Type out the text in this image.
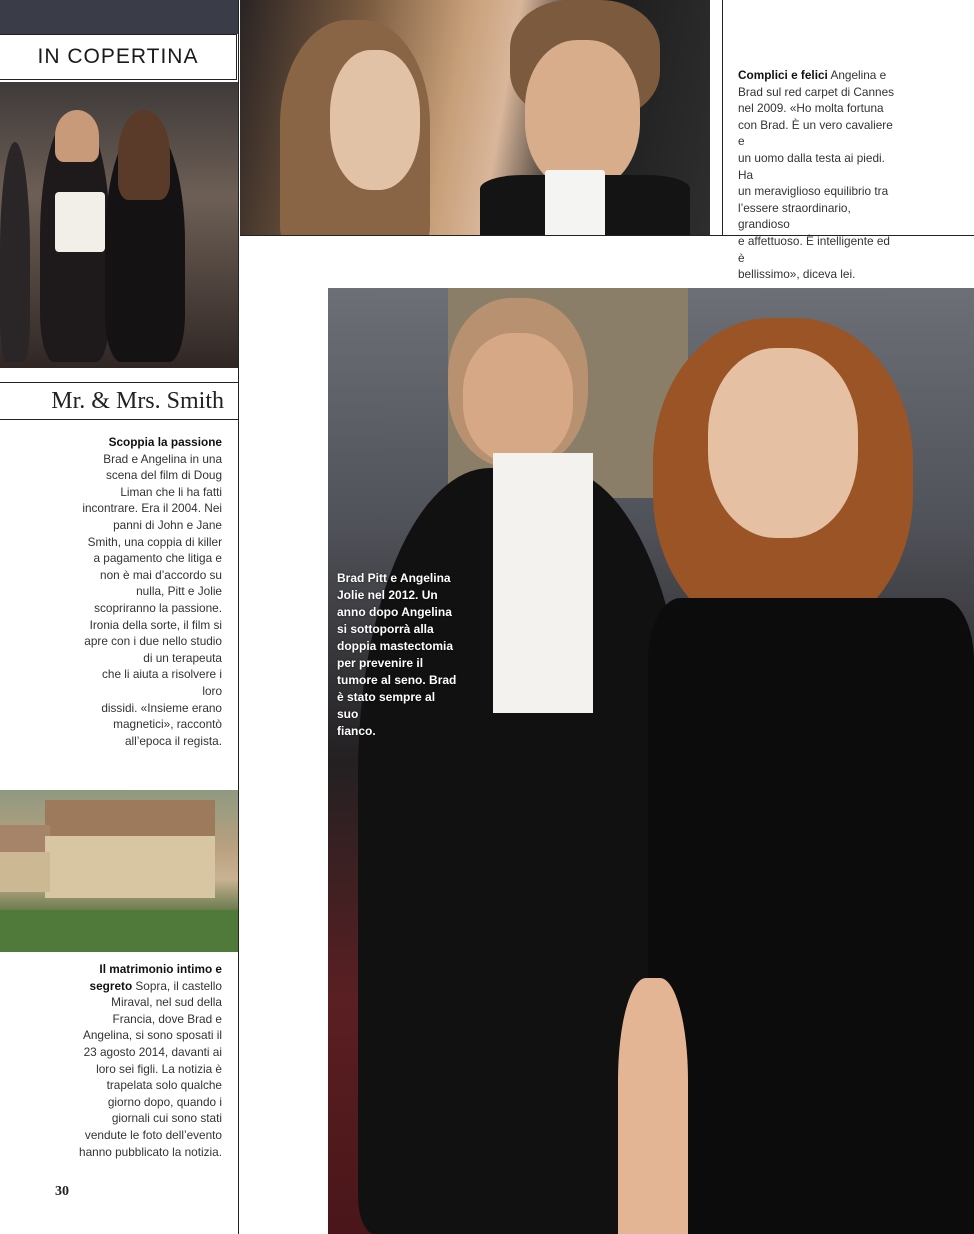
IN COPERTINA
Mr. & Mrs. Smith
Scoppia la passione
Brad e Angelina in una
scena del film di Doug
Liman che li ha fatti
incontrare. Era il 2004. Nei
panni di John e Jane
Smith, una coppia di killer
a pagamento che litiga e
non è mai d’accordo su
nulla, Pitt e Jolie
scopriranno la passione.
Ironia della sorte, il film si
apre con i due nello studio
di un terapeuta
che li aiuta a risolvere i loro
dissidi. «Insieme erano
magnetici», raccontò
all’epoca il regista.
Il matrimonio intimo e
segreto Sopra, il castello
Miraval, nel sud della
Francia, dove Brad e
Angelina, si sono sposati il
23 agosto 2014, davanti ai
loro sei figli. La notizia è
trapelata solo qualche
giorno dopo, quando i
giornali cui sono stati
vendute le foto dell’evento
hanno pubblicato la notizia.
30
Complici e felici Angelina e
Brad sul red carpet di Cannes
nel 2009. «Ho molta fortuna
con Brad. È un vero cavaliere e
un uomo dalla testa ai piedi. Ha
un meraviglioso equilibrio tra
l’essere straordinario, grandioso
e affettuoso. È intelligente ed è
bellissimo», diceva lei.
Brad Pitt e Angelina
Jolie nel 2012. Un
anno dopo Angelina
si sottoporrà alla
doppia mastectomia
per prevenire il
tumore al seno. Brad
è stato sempre al suo
fianco.
